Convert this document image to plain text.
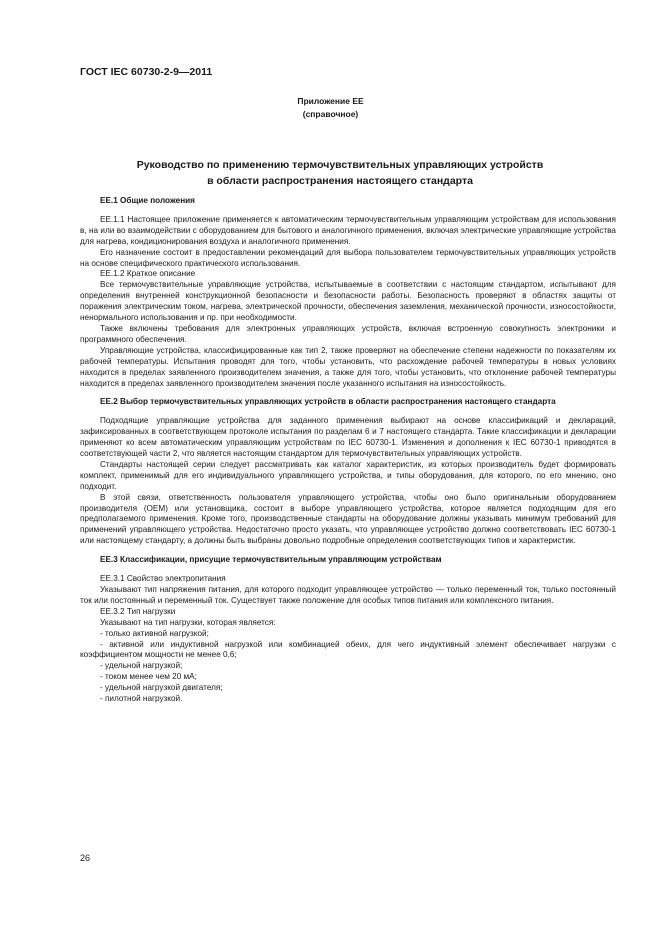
ГОСТ IEC 60730-2-9—2011
Приложение ЕЕ
(справочное)
Руководство по применению термочувствительных управляющих устройств
в области распространения настоящего стандарта

ЕЕ.1 Общие положения

ЕЕ.1.1 Настоящее приложение применяется к автоматическим термочувствительным управляющим устройствам для использования в, на или во взаимодействии с оборудованием для бытового и аналогичного применения, включая электрические управляющие устройства для нагрева, кондиционирования воздуха и аналогичного применения.

Его назначение состоит в предоставлении рекомендаций для выбора пользователем термочувствительных управляющих устройств на основе специфического практического использования.

ЕЕ.1.2 Краткое описание

Все термочувствительные управляющие устройства, испытываемые в соответствии с настоящим стандартом, испытывают для определения внутренней конструкционной безопасности и безопасности работы. Безопасность проверяют в областях защиты от поражения электрическим током, нагрева, электрической прочности, обеспечения заземления, механической прочности, износостойкости, ненормального использования и пр. при необходимости.

Также включены требования для электронных управляющих устройств, включая встроенную совокупность электроники и программного обеспечения.

Управляющие устройства, классифицированные как тип 2, также проверяют на обеспечение степени надежности по показателям их рабочей температуры. Испытания проводят для того, чтобы установить, что расхождение рабочей температуры в новых условиях находится в пределах заявленного производителем значения, а также для того, чтобы установить, что отклонение рабочей температуры находится в пределах заявленного производителем значения после указанного испытания на износостойкость.

ЕЕ.2 Выбор термочувствительных управляющих устройств в области распространения настоящего стандарта

Подходящие управляющие устройства для заданного применения выбирают на основе классификаций и деклараций, зафиксированных в соответствующем протоколе испытания по разделам 6 и 7 настоящего стандарта. Такие классификации и декларации применяют ко всем автоматическим управляющим устройствам по IEC 60730-1. Изменения и дополнения к IEC 60730-1 приводятся в соответствующей части 2, что является настоящим стандартом для термочувствительных управляющих устройств.

Стандарты настоящей серии следует рассматривать как каталог характеристик, из которых производитель будет формировать комплект, применимый для его индивидуального управляющего устройства, и типы оборудования, для которого, по его мнению, оно подходит.

В этой связи, ответственность пользователя управляющего устройства, чтобы оно было оригинальным оборудованием производителя (OEM) или установщика, состоит в выборе управляющего устройства, которое является подходящим для его предполагаемого применения. Кроме того, производственные стандарты на оборудование должны указывать минимум требований для применений управляющего устройства. Недостаточно просто указать, что управляющее устройство должно соответствовать IEC 60730-1 или настоящему стандарту, а должны быть выбраны довольно подробные определения соответствующих типов и характеристик.

ЕЕ.3 Классификации, присущие термочувствительным управляющим устройствам

ЕЕ.3.1 Свойство электропитания

Указывают тип напряжения питания, для которого подходит управляющее устройство — только переменный ток, только постоянный ток или постоянный и переменный ток. Существует также положение для особых типов питания или комплексного питания.

ЕЕ.3.2 Тип нагрузки

Указывают на тип нагрузки, которая является:

- только активной нагрузкой;

- активной или индуктивной нагрузкой или комбинацией обеих, для чего индуктивный элемент обеспечивает нагрузки с коэффициентом мощности не менее 0,6;

- удельной нагрузкой;

- током менее чем 20 мА;

- удельной нагрузкой двигателя;

- пилотной нагрузкой.

26
